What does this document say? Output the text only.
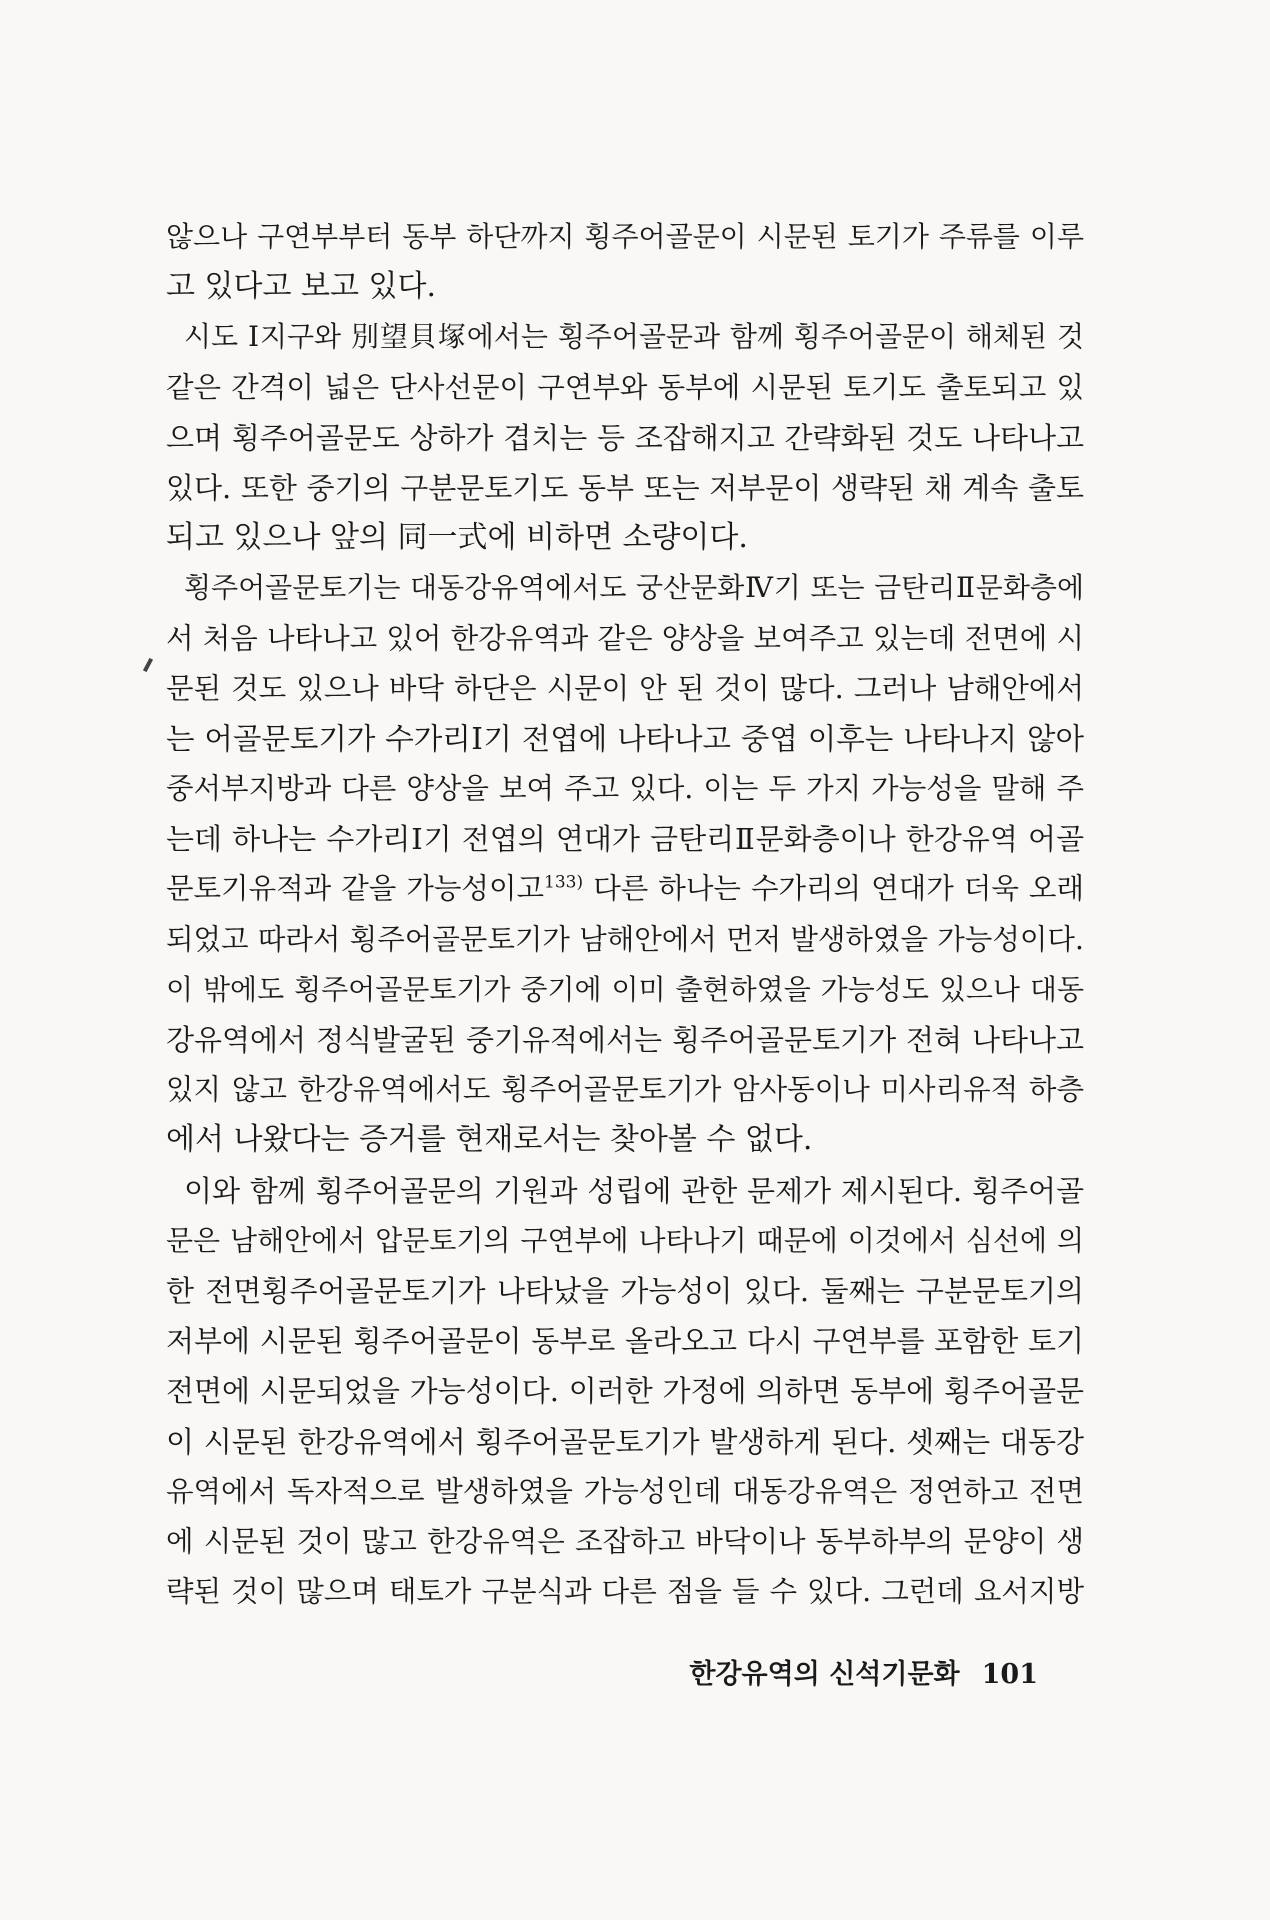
않으나 구연부부터 동부 하단까지 횡주어골문이 시문된 토기가 주류를 이루
고 있다고 보고 있다.
시도 Ⅰ지구와 別望貝塚에서는 횡주어골문과 함께 횡주어골문이 해체된 것
같은 간격이 넓은 단사선문이 구연부와 동부에 시문된 토기도 출토되고 있
으며 횡주어골문도 상하가 겹치는 등 조잡해지고 간략화된 것도 나타나고
있다. 또한 중기의 구분문토기도 동부 또는 저부문이 생략된 채 계속 출토
되고 있으나 앞의 同一式에 비하면 소량이다.
횡주어골문토기는 대동강유역에서도 궁산문화Ⅳ기 또는 금탄리Ⅱ문화층에
서 처음 나타나고 있어 한강유역과 같은 양상을 보여주고 있는데 전면에 시
문된 것도 있으나 바닥 하단은 시문이 안 된 것이 많다. 그러나 남해안에서
는 어골문토기가 수가리Ⅰ기 전엽에 나타나고 중엽 이후는 나타나지 않아
중서부지방과 다른 양상을 보여 주고 있다. 이는 두 가지 가능성을 말해 주
는데 하나는 수가리Ⅰ기 전엽의 연대가 금탄리Ⅱ문화층이나 한강유역 어골
문토기유적과 같을 가능성이고$^{133)}$ 다른 하나는 수가리의 연대가 더욱 오래
되었고 따라서 횡주어골문토기가 남해안에서 먼저 발생하였을 가능성이다.
이 밖에도 횡주어골문토기가 중기에 이미 출현하였을 가능성도 있으나 대동
강유역에서 정식발굴된 중기유적에서는 횡주어골문토기가 전혀 나타나고
있지 않고 한강유역에서도 횡주어골문토기가 암사동이나 미사리유적 하층
에서 나왔다는 증거를 현재로서는 찾아볼 수 없다.
이와 함께 횡주어골문의 기원과 성립에 관한 문제가 제시된다. 횡주어골
문은 남해안에서 압문토기의 구연부에 나타나기 때문에 이것에서 심선에 의
한 전면횡주어골문토기가 나타났을 가능성이 있다. 둘째는 구분문토기의
저부에 시문된 횡주어골문이 동부로 올라오고 다시 구연부를 포함한 토기
전면에 시문되었을 가능성이다. 이러한 가정에 의하면 동부에 횡주어골문
이 시문된 한강유역에서 횡주어골문토기가 발생하게 된다. 셋째는 대동강
유역에서 독자적으로 발생하였을 가능성인데 대동강유역은 정연하고 전면
에 시문된 것이 많고 한강유역은 조잡하고 바닥이나 동부하부의 문양이 생
략된 것이 많으며 태토가 구분식과 다른 점을 들 수 있다. 그런데 요서지방
한강유역의 신석기문화 101
